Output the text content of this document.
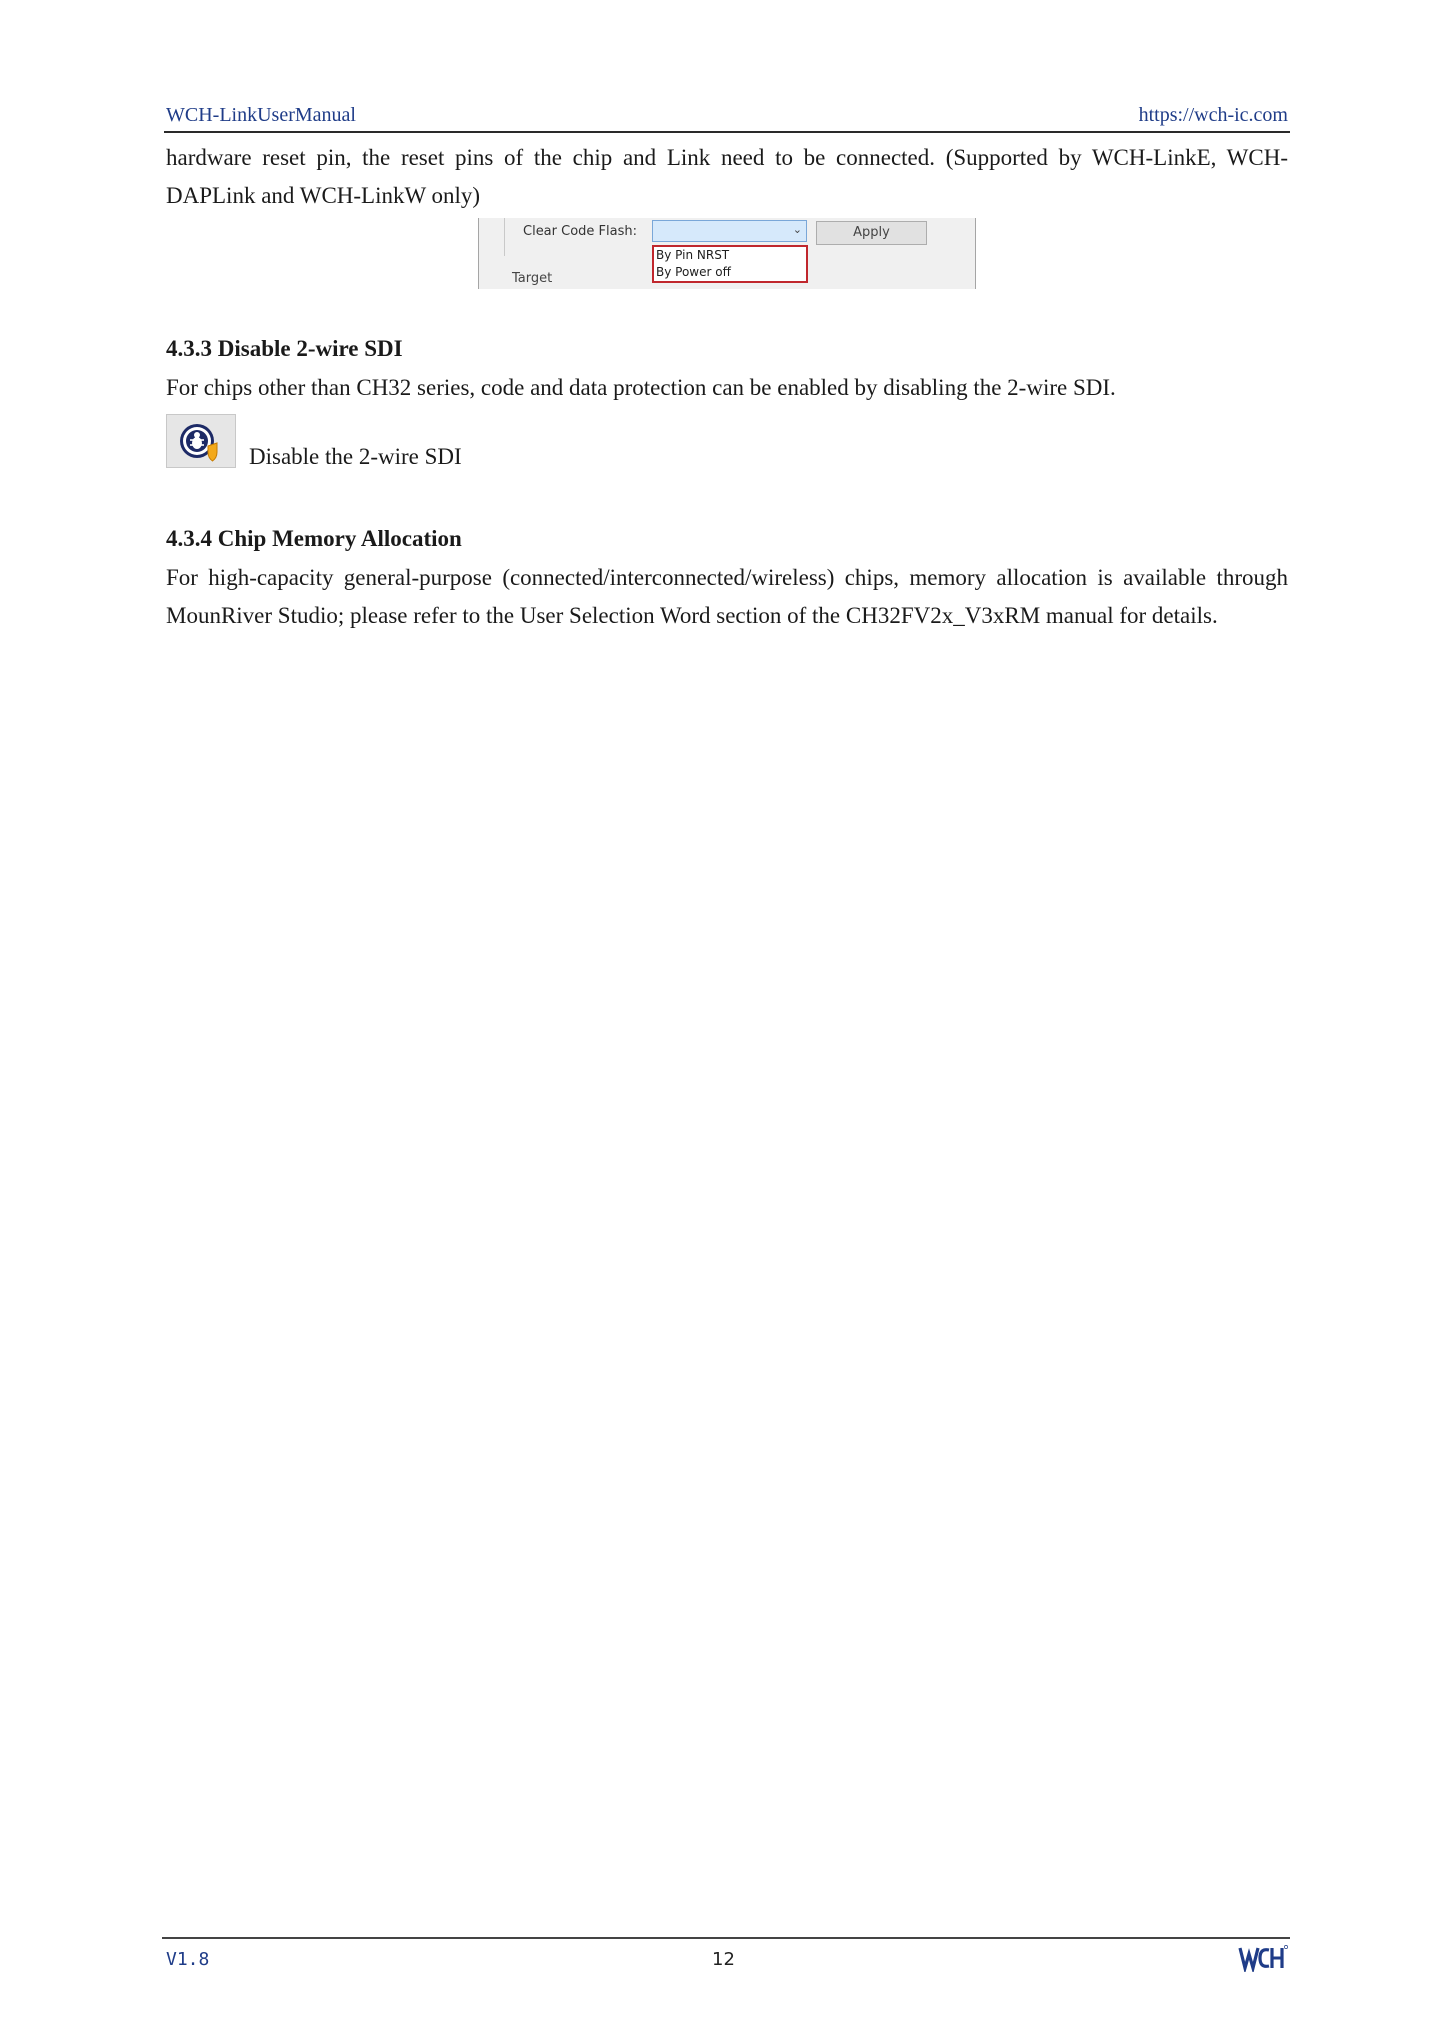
WCH-LinkUserManual	https://wch-ic.com
hardware reset pin, the reset pins of the chip and Link need to be connected. (Supported by WCH-LinkE, WCH-DAPLink and WCH-LinkW only)
Clear Code Flash:	⌄	Apply
By Pin NRST
By Power off
Target
4.3.3 Disable 2-wire SDI
For chips other than CH32 series, code and data protection can be enabled by disabling the 2-wire SDI.
Disable the 2-wire SDI
4.3.4 Chip Memory Allocation
For high-capacity general-purpose (connected/interconnected/wireless) chips, memory allocation is available through MounRiver Studio; please refer to the User Selection Word section of the CH32FV2x_V3xRM manual for details.
V1.8	12
